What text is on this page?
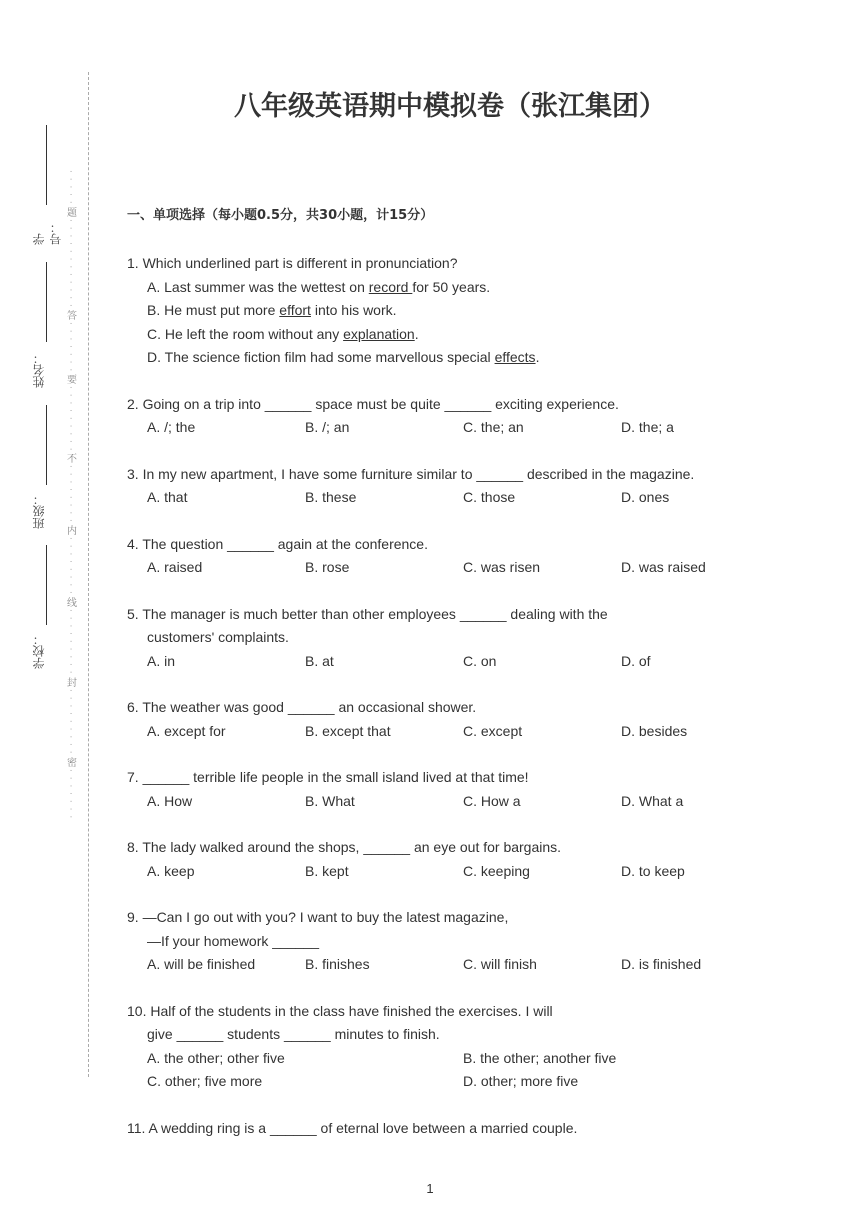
学号：
姓名：
班级：
学校：
· · · · ·
题
· · · · · · · · · · · ·
答
· · · · · · ·
要
· · · · · · · · ·
不
· · · · · · · ·
内
· · · · · · · ·
线
· · · · · · · · ·
封
· · · · · · · · ·
密
· · · · · · ·
八年级英语期中模拟卷（张江集团）
一、单项选择（每小题0.5分，共30小题，计15分）
1. Which underlined part is different in pronunciation?
A. Last summer was the wettest on record for 50 years.
B. He must put more effort into his work.
C. He left the room without any explanation.
D. The science fiction film had some marvellous special effects.
2. Going on a trip into ______ space must be quite ______ exciting experience.
A. /; the	B. /; an	C. the; an	D. the; a
3. In my new apartment, I have some furniture similar to ______ described in the magazine.
A. that	B. these	C. those	D. ones
4. The question ______ again at the conference.
A. raised	B. rose	C. was risen	D. was raised
5. The manager is much better than other employees ______ dealing with the
customers' complaints.
A. in	B. at	C. on	D. of
6. The weather was good ______ an occasional shower.
A. except for	B. except that	C. except	D. besides
7. ______ terrible life people in the small island lived at that time!
A. How	B. What	C. How a	D. What a
8. The lady walked around the shops, ______ an eye out for bargains.
A. keep	B. kept	C. keeping	D. to keep
9. —Can I go out with you? I want to buy the latest magazine,
—If your homework ______
A. will be finished	B. finishes	C. will finish	D. is finished
10. Half of the students in the class have finished the exercises. I will
give ______ students ______ minutes to finish.
A. the other; other five	B. the other; another five
C. other; five more	D. other; more five
11. A wedding ring is a ______ of eternal love between a married couple.
1
